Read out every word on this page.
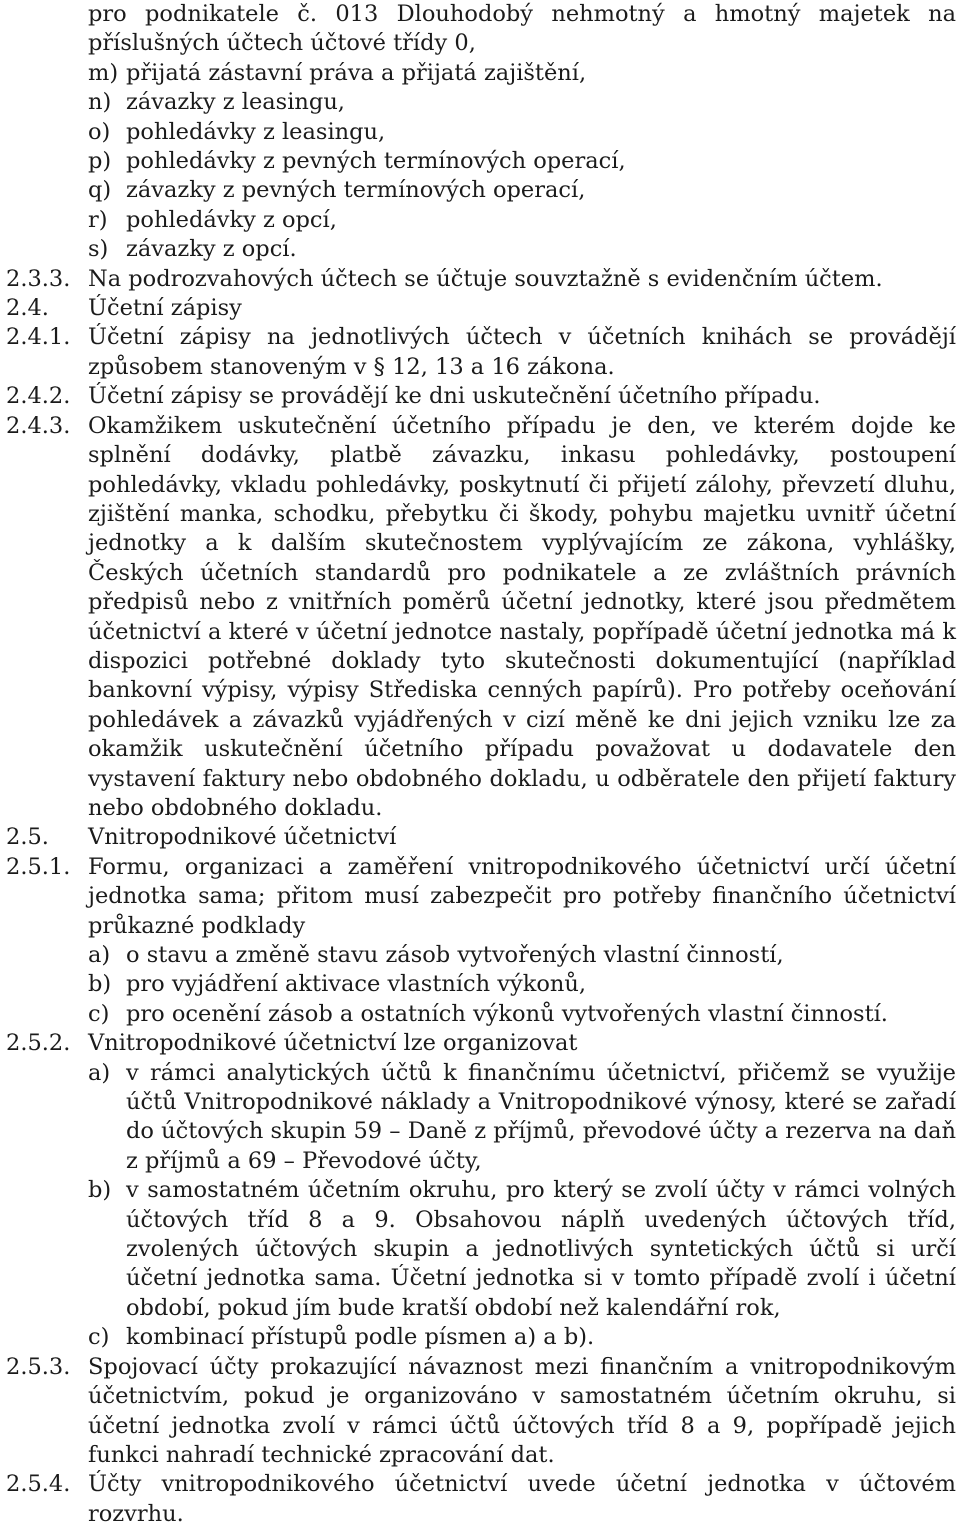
pro podnikatele č. 013 Dlouhodobý nehmotný a hmotný majetek na příslušných účtech účtové třídy 0,

m) přijatá zástavní práva a přijatá zajištění,
n) závazky z leasingu,
o) pohledávky z leasingu,
p) pohledávky z pevných termínových operací,
q) závazky z pevných termínových operací,
r) pohledávky z opcí,
s) závazky z opcí.
2.3.3. Na podrozvahových účtech se účtuje souvztažně s evidenčním účtem.

2.4.	Účetní zápisy

2.4.1. Účetní zápisy na jednotlivých účtech v účetních knihách se provádějí způsobem stanoveným v § 12, 13 a 16 zákona.

2.4.2. Účetní zápisy se provádějí ke dni uskutečnění účetního případu.

2.4.3. Okamžikem uskutečnění účetního případu je den, ve kterém dojde ke splnění dodávky, platbě závazku, inkasu pohledávky, postoupení pohledávky, vkladu pohledávky, poskytnutí či přijetí zálohy, převzetí dluhu, zjištění manka, schodku, přebytku či škody, pohybu majetku uvnitř účetní jednotky a k dalším skutečnostem vyplývajícím ze zákona, vyhlášky, Českých účetních standardů pro podnikatele a ze zvláštních právních předpisů nebo z vnitřních poměrů účetní jednotky, které jsou předmětem účetnictví a které v účetní jednotce nastaly, popřípadě účetní jednotka má k dispozici potřebné doklady tyto skutečnosti dokumentující (například bankovní výpisy, výpisy Střediska cenných papírů). Pro potřeby oceňování pohledávek a závazků vyjádřených v cizí měně ke dni jejich vzniku lze za okamžik uskutečnění účetního případu považovat u dodavatele den vystavení faktury nebo obdobného dokladu, u odběratele den přijetí faktury nebo obdobného dokladu.

2.5.	Vnitropodnikové účetnictví

2.5.1. Formu, organizaci a zaměření vnitropodnikového účetnictví určí účetní jednotka sama; přitom musí zabezpečit pro potřeby finančního účetnictví průkazné podklady

a) o stavu a změně stavu zásob vytvořených vlastní činností,
b) pro vyjádření aktivace vlastních výkonů,
c) pro ocenění zásob a ostatních výkonů vytvořených vlastní činností.
2.5.2. Vnitropodnikové účetnictví lze organizovat

a) v rámci analytických účtů k finančnímu účetnictví, přičemž se využije účtů Vnitropodnikové náklady a Vnitropodnikové výnosy, které se zařadí do účtových skupin 59 – Daně z příjmů, převodové účty a rezerva na daň z příjmů a 69 – Převodové účty,
b) v samostatném účetním okruhu, pro který se zvolí účty v rámci volných účtových tříd 8 a 9. Obsahovou náplň uvedených účtových tříd, zvolených účtových skupin a jednotlivých syntetických účtů si určí účetní jednotka sama. Účetní jednotka si v tomto případě zvolí i účetní období, pokud jím bude kratší období než kalendářní rok,
c) kombinací přístupů podle písmen a) a b).
2.5.3. Spojovací účty prokazující návaznost mezi finančním a vnitropodnikovým účetnictvím, pokud je organizováno v samostatném účetním okruhu, si účetní jednotka zvolí v rámci účtů účtových tříd 8 a 9, popřípadě jejich funkci nahradí technické zpracování dat.

2.5.4. Účty vnitropodnikového účetnictví uvede účetní jednotka v účtovém rozvrhu.
